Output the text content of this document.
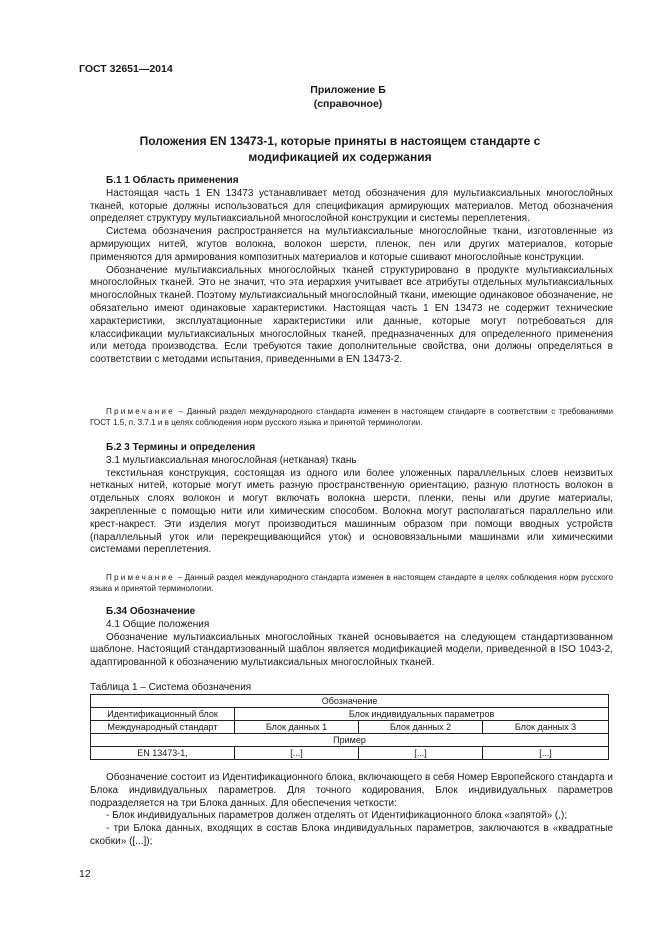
ГОСТ 32651—2014
Приложение Б
(справочное)
Положения EN 13473-1, которые приняты в настоящем стандарте с
модификацией их содержания
Б.1 1 Область применения

Настоящая часть 1 EN 13473 устанавливает метод обозначения для мультиаксиальных многослойных тканей, которые должны использоваться для спецификация армирующих материалов. Метод обозначения определяет структуру мультиаксиальной многослойной конструкции и системы переплетения.

Система обозначения распространяется на мультиаксиальные многослойные ткани, изготовленные из армирующих нитей, жгутов волокна, волокон шерсти, пленок, пен или других материалов, которые применяются для армирования композитных материалов и которые сшивают многослойные конструкции.

Обозначение мультиаксиальных многослойных тканей структурировано в продукте мультиаксиальных многослойных тканей. Это не значит, что эта иерархия учитывает все атрибуты отдельных мультиаксиальных многослойных тканей. Поэтому мультиаксиальный многослойный ткани, имеющие одинаковое обозначение, не обязательно имеют одинаковые характеристики. Настоящая часть 1 EN 13473 не содержит технические характеристики, эксплуатационные характеристики или данные, которые могут потребоваться для классификации мультиаксиальных многослойных тканей, предназначенных для определенного применения или метода производства. Если требуются такие дополнительные свойства, они должны определяться в соответствии с методами испытания, приведенными в EN 13473-2.

Примечание – Данный раздел международного стандарта изменен в настоящем стандарте в соответствии с требованиями ГОСТ 1.5, п. 3.7.1 и в целях соблюдения норм русского языка и принятой терминологии.
Б.2 3 Термины и определения
3.1 мультиаксиальная многослойная (нетканая) ткань

текстильная конструкция, состоящая из одного или более уложенных параллельных слоев неизвитых нетканых нитей, которые могут иметь разную пространственную ориентацию, разную плотность волокон в отдельных слоях волокон и могут включать волокна шерсти, пленки, пены или другие материалы, закрепленные с помощью нити или химическим способом. Волокна могут располагаться параллельно или крест-накрест. Эти изделия могут производиться машинным образом при помощи вводных устройств (параллельный уток или перекрещивающийся уток) и основовязальными машинами или химическими системами переплетения.

Примечание – Данный раздел международного стандарта изменен в настоящем стандарте в целях соблюдения норм русского языка и принятой терминологии.
Б.34 Обозначение
4.1 Общие положения

Обозначение мультиаксиальных многослойных тканей основывается на следующем стандартизованном шаблоне. Настоящий стандартизованный шаблон является модификацией модели, приведенной в ISO 1043-2, адаптированной к обозначению мультиаксиальных многослойных тканей.

Таблица 1 – Система обозначения
Обозначение			
Идентификационный блок	Блок индивидуальных параметров		
Международный стандарт	Блок данных 1	Блок данных 2	Блок данных 3
Пример			
EN 13473-1,	[...]	[...]	[...]

Обозначение состоит из Идентификационного блока, включающего в себя Номер Европейского стандарта и Блока индивидуальных параметров. Для точного кодирования, Блок индивидуальных параметров подразделяется на три Блока данных. Для обеспечения четкости:

- Блок индивидуальных параметров должен отделять от Идентификационного блока «запятой» (,);

- три Блока данных, входящих в состав Блока индивидуальных параметров, заключаются в «квадратные скобки» ([...]);

12
